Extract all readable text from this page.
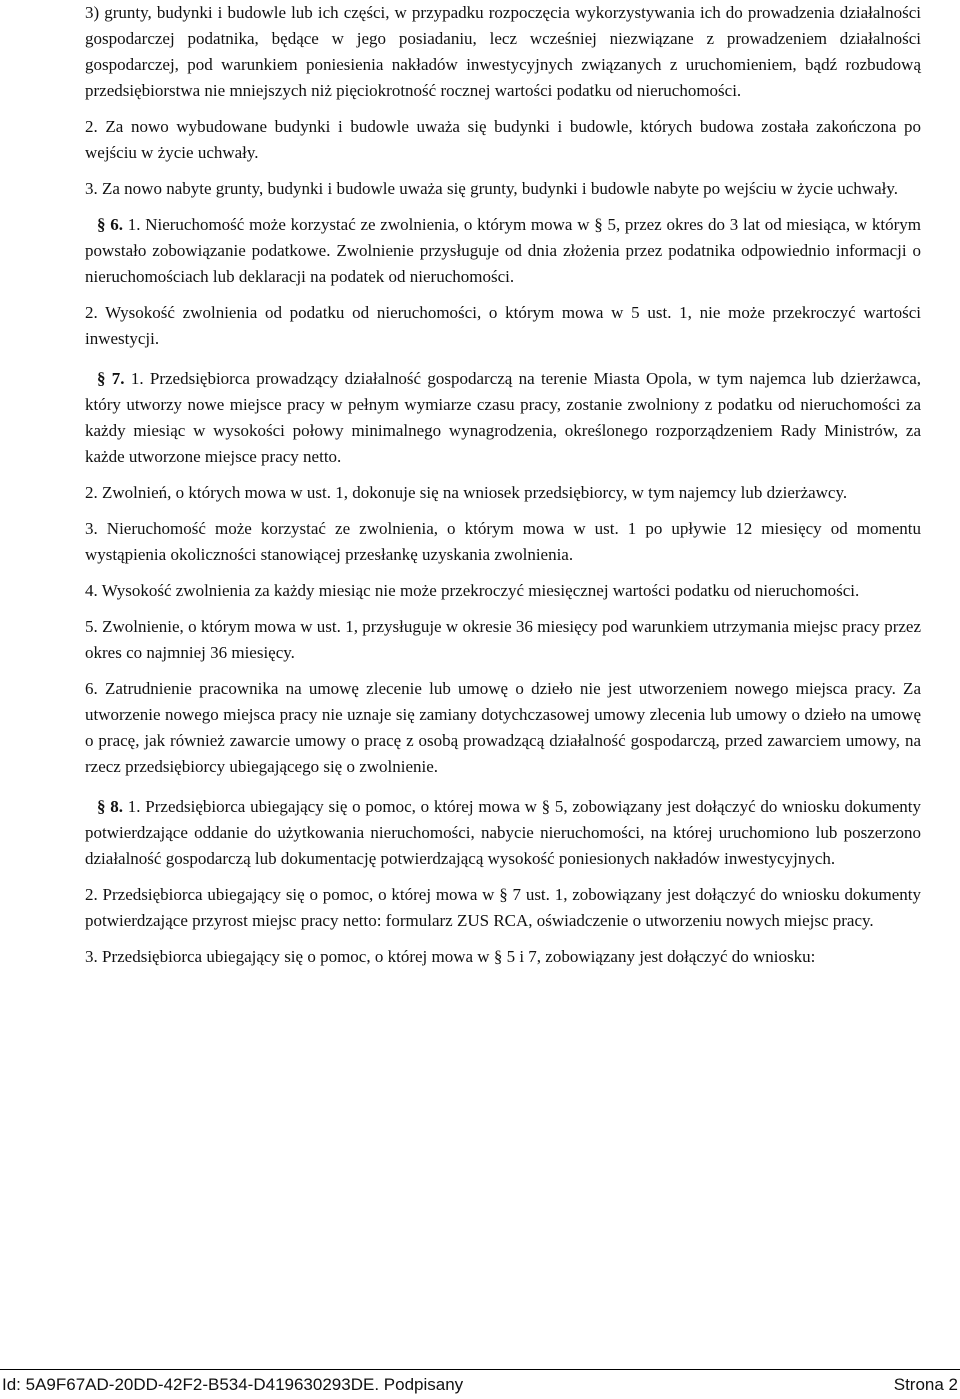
3) grunty, budynki i budowle lub ich części, w przypadku rozpoczęcia wykorzystywania ich do prowadzenia działalności gospodarczej podatnika, będące w jego posiadaniu, lecz wcześniej niezwiązane z prowadzeniem działalności gospodarczej, pod warunkiem poniesienia nakładów inwestycyjnych związanych z uruchomieniem, bądź rozbudową przedsiębiorstwa nie mniejszych niż pięciokrotność rocznej wartości podatku od nieruchomości.

2. Za nowo wybudowane budynki i budowle uważa się budynki i budowle, których budowa została zakończona po wejściu w życie uchwały.

3. Za nowo nabyte grunty, budynki i budowle uważa się grunty, budynki i budowle nabyte po wejściu w życie uchwały.

§ 6. 1. Nieruchomość może korzystać ze zwolnienia, o którym mowa w § 5, przez okres do 3 lat od miesiąca, w którym powstało zobowiązanie podatkowe. Zwolnienie przysługuje od dnia złożenia przez podatnika odpowiednio informacji o nieruchomościach lub deklaracji na podatek od nieruchomości.

2. Wysokość zwolnienia od podatku od nieruchomości, o którym mowa w 5 ust. 1, nie może przekroczyć wartości inwestycji.

§ 7. 1. Przedsiębiorca prowadzący działalność gospodarczą na terenie Miasta Opola, w tym najemca lub dzierżawca, który utworzy nowe miejsce pracy w pełnym wymiarze czasu pracy, zostanie zwolniony z podatku od nieruchomości za każdy miesiąc w wysokości połowy minimalnego wynagrodzenia, określonego rozporządzeniem Rady Ministrów, za każde utworzone miejsce pracy netto.

2. Zwolnień, o których mowa w ust. 1, dokonuje się na wniosek przedsiębiorcy, w tym najemcy lub dzierżawcy.

3. Nieruchomość może korzystać ze zwolnienia, o którym mowa w ust. 1 po upływie 12 miesięcy od momentu wystąpienia okoliczności stanowiącej przesłankę uzyskania zwolnienia.

4. Wysokość zwolnienia za każdy miesiąc nie może przekroczyć miesięcznej wartości podatku od nieruchomości.

5. Zwolnienie, o którym mowa w ust. 1, przysługuje w okresie 36 miesięcy pod warunkiem utrzymania miejsc pracy przez okres co najmniej 36 miesięcy.

6. Zatrudnienie pracownika na umowę zlecenie lub umowę o dzieło nie jest utworzeniem nowego miejsca pracy. Za utworzenie nowego miejsca pracy nie uznaje się zamiany dotychczasowej umowy zlecenia lub umowy o dzieło na umowę o pracę, jak również zawarcie umowy o pracę z osobą prowadzącą działalność gospodarczą, przed zawarciem umowy, na rzecz przedsiębiorcy ubiegającego się o zwolnienie.

§ 8. 1. Przedsiębiorca ubiegający się o pomoc, o której mowa w § 5, zobowiązany jest dołączyć do wniosku dokumenty potwierdzające oddanie do użytkowania nieruchomości, nabycie nieruchomości, na której uruchomiono lub poszerzono działalność gospodarczą lub dokumentację potwierdzającą wysokość poniesionych nakładów inwestycyjnych.

2. Przedsiębiorca ubiegający się o pomoc, o której mowa w § 7 ust. 1, zobowiązany jest dołączyć do wniosku dokumenty potwierdzające przyrost miejsc pracy netto: formularz ZUS RCA, oświadczenie o utworzeniu nowych miejsc pracy.

3. Przedsiębiorca ubiegający się o pomoc, o której mowa w § 5 i 7, zobowiązany jest dołączyć do wniosku:

Id: 5A9F67AD-20DD-42F2-B534-D419630293DE. Podpisany	Strona 2
